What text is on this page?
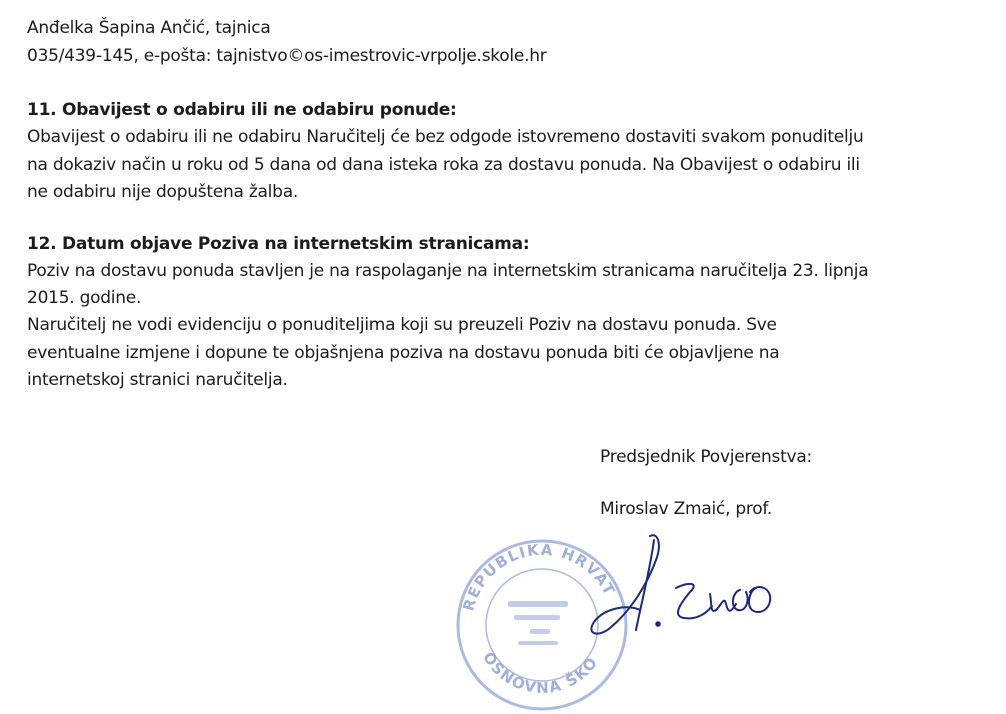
Anđelka Šapina Ančić, tajnica
035/439-145, e-pošta: tajnistvo©os-imestrovic-vrpolje.skole.hr
11. Obavijest o odabiru ili ne odabiru ponude:
Obavijest o odabiru ili ne odabiru Naručitelj će bez odgode istovremeno dostaviti svakom ponuditelju
na dokaziv način u roku od 5 dana od dana isteka roka za dostavu ponuda. Na Obavijest o odabiru ili
ne odabiru nije dopuštena žalba.
12. Datum objave Poziva na internetskim stranicama:
Poziv na dostavu ponuda stavljen je na raspolaganje na internetskim stranicama naručitelja 23. lipnja
2015. godine.
Naručitelj ne vodi evidenciju o ponuditeljima koji su preuzeli Poziv na dostavu ponuda. Sve
eventualne izmjene i dopune te objašnjena poziva na dostavu ponuda biti će objavljene na
internetskoj stranici naručitelja.
Predsjednik Povjerenstva:
Miroslav Zmaić, prof.
REPUBLIKA HRVAT
OSNOVNA ŠKO
